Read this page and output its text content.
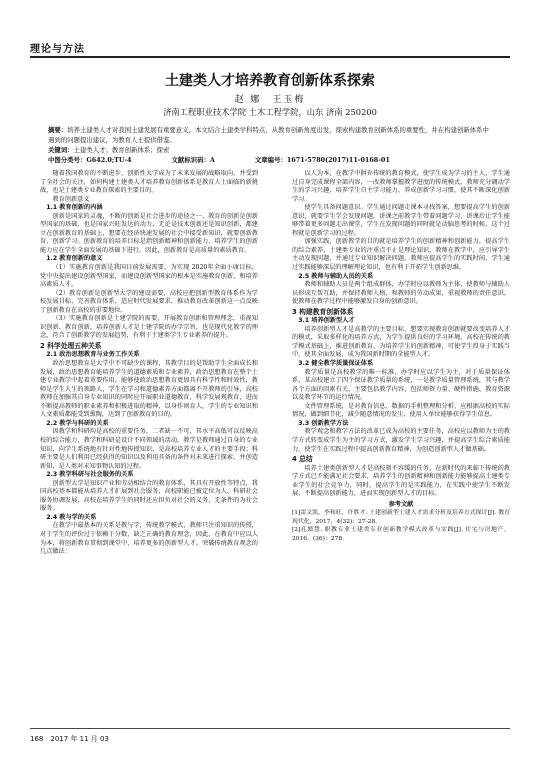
理论与方法
土建类人才培养教育创新体系探索
赵 娜　王玉梅
济南工程职业技术学院 土木工程学院，山东 济南 250200
摘要：培养土建类人才对我国土建发展有重要意义。本文结合土建类学科特点，从教育创新角度出发，探索构建教育创新体系的重要性，并在构建创新体系中遇到的问题提出建议，为教育人士提供借鉴。
关键词：土建类人才；教育创新体系；探索
中图分类号：G642.0;TU-4	文献标识码：A	文章编号：1671-5780(2017)11-0168-01

随着我国教育的不断进步，创新性大学成为了未来发展的战略取向，并受到了全社会的关注，如何构建土建类人才培养教育创新体系是教育人士面临的新挑战，也是土建类专业教育探索的主要目的。

教育创新意义

1.1 教育创新的内涵

创新是国家的灵魂，不断的创新是社会进步的途径之一，教育的创新是创新型国家的基础，也是国家兴旺发达的动力，无论是技术创新还是知识创新，都建立在创新教育的基础上，想要在经济快速发展的社会中接受新知识，就要创新教育，创新学习。创新教育的培养目标是指创新精神和创新能力，培养学生的创新能力应在学生全面发展的基础下进行，因此，创新教育是高质量的素质教育。

1.2 教育创新的意义

（1）实施教育创新是我国目前发展需要，为实现 2020年全面小康目标，党中央提出建设创新型国家，而建设创新型国家的根本是实施教育创新，和培养高素质人才。

（2）教育创新是创新型大学的建设需要，高校应把创新型教育体系作为学校发展目标，完善教育体系，适应时代发展要求，推动教育改革创新这一点反映了创新教育在高校的重要地位。

（3）实施教育创新是土建学院的需要，开展教育创新和管理理念，重视知识创新、教育创新，培养创新人才是土建学院的办学宗旨，也是现代化教学的理念，符合了创新教学的发展趋势，有利于土建类学生专业素养的提升。

2 科学处理五种关系

2.1 政治思想教育与业务工作关系

政治思想教育是大学中不可缺少的课程，其教学目的是帮助学生全面成长和发展，政治思想教育能培养学生的道德素质和专业素养，政治思想教育在整个土建专业教学中起着重要作用，能够使政治思想教育更加具有科学性和时效性，教师是学生人生的领路人，学生在学习和道德素养方面都离不开教师的引导，高校教师在加强其自身专业知识的同时应开展职业道德教育，科学发展观教育，进而不断提高教师的职业素养和积极进取的精神，以身作则育人，学生的专业知识和人文素质都能受到熏陶，达到了创新教育的目的。

2.2 教学与科研的关系

因教学和科研均是高校的重要任务，二者缺一不可，其水平高低可以反映高校的综合能力，教学和科研是设计不同领域的活动，教学是教师通过自身的专业知识，向学生系统地有针对性地传授知识，是高校培养专业人才的主要手段；科研主要是人们利用已经获得的知识以及利用具备的条件对未来进行探索，并创造新知，是人类对未知事物认知的过程。

2.3 教学科研与社会服务的关系

创新型大学是知识产业和劳动相结合的教育体系，其具有开放性等特点，我国高校基本都能从培养人才扩展到社会服务，高校职能已被定位为人、科研社会服务协调发展，高校在培养学生的同时还应担负对社会的义务，无条件的为社会服务。

2.4 教与学的关系

在教学中最基本的关系是教与学，传统教学模式，教师只注重知识的传授，对于学生的评价过于依赖于分数，缺乏正确的教育理念，因此，在教育中应以人为本，将创新教育贯彻到课堂中，培养更多的创新型人才。突破传统教育观念的几点做法：

以人为本，在教学中摒弃传统的教育模式，使学生成为学习的主人，学生通过自身完成课程全部内容，一改教师掌握教学进度的传统模式，教师充分调动学生的学习兴趣，培养学生自主学习能力，养成创新学习习惯，使其不断深化创新学习。

使学生具备问题意识。学生通过问题走课本寻找答案，想要提高学生的创新意识，就要学生学会发现问题，讲课之前教学生带着问题学习，讲课后让学生能够带着更多问题走出课堂，学生在发现问题的同时就是动脑思考的时候，这个过程就是创新学习的过程。

加强实践，创新教学的目的就是培养学生的创新精神和创新能力，提高学生的综合素养，土建类专业的注重点不止是理论知识，教师在教学中，应引导学生主动发现问题，并通过专业知识解决问题。教师应提高学生的实践时间，学生通过实践能够深层的理解理论知识，也有利于开拓学生创新思维。

2.5 教师与辅助人员的关系

教师和辅助人员是两个组成群体，办学时应以教师为主体，使教师与辅助人员形成互帮互助，并保持教师人格，和教师的劳动成果，重视教师的责任意识，使教师在教学过程中能够激发自身的创新意识。

3 构建教育创新体系

3.1 培养创新型人才

培养创新型人才是高教学的主要目标，想要实现教育创新就要改变培养人才的模式，采取多样化的培养方式，为学生提供良好的学习环境，高校在传统的教学模式基础上，推进创新教育，为培养学生的创新精神，可使学生投身于实践当中，使其全面发展，成为我国新时期的全能型人才。

3.2 健全教学质量保证体系

教学质量是高校教学的唯一标准，办学时应以学生为主，对于质量保证体系，某高校建立了四个保证教学质量的系统，一是教学质量管理系统，其与教学各个方面的因素有关，主要包括教学内容、包括师资力量、硬件措施、教育资源以及教学环节的运行情况。

文件管理系统，是对教育信息、数据的手机整理和分析，应根据高校的实际情况，做到细节化，减少随意情况的发生，使用人单位能够获得学生信息。

3.3 创新教学方法

教学观念和教学方法的改革已成为高校的主要任务，高校应以教师为主的教学方式转变成学生为主的学习方式，激发学生学习兴趣，并提高学生综合素质能力，使学生在实践过程中提高创新教育精神，为创造创新型人才做基础。

4 总结

培养土建类创新型人才是高校刻不容缓的任务，在新时代的来临下传统的教学方式已不能满足社会要求，培养学生的创新精神和创新能力能够提高土建类专业学生的社会竞争力，同时，提高学生的是实践能力，在实践中使学生不断发展，不断提高创新能力，进而实现创新型人才的目标。

参考文献

[1]雷文凯，李和旺，许胜才. 土建创新型土建人才需求分析及培养方式探讨[J]. 教育现代化，2017，4(32)：27-28.

[2]孔繁慧. 职教专业土建类专业创新教学模式改革与实践[J]. 住宅与房地产，2016，(36)：278.

168　2017 年 11 月 03
